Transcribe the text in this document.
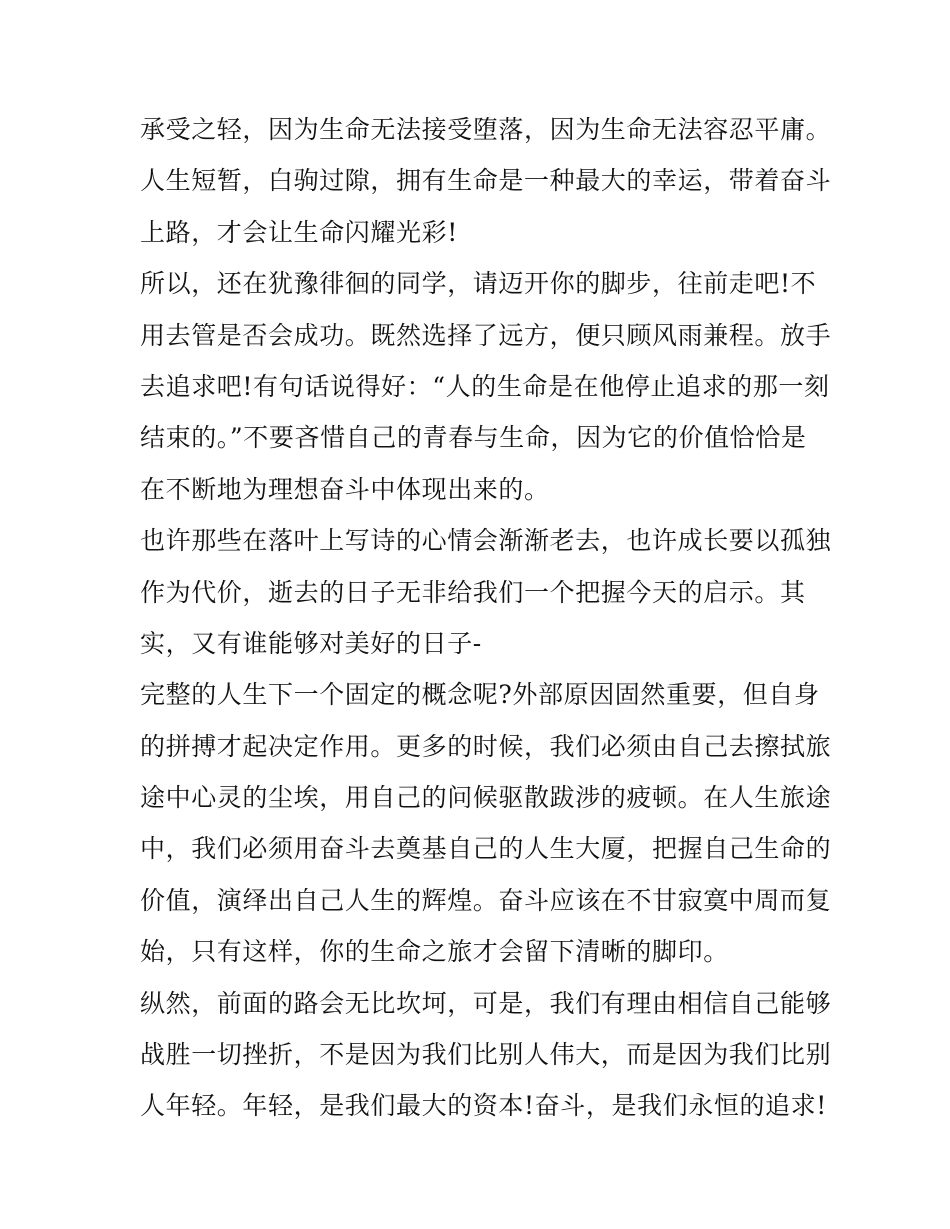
承受之轻，因为生命无法接受堕落，因为生命无法容忍平庸。
人生短暂，白驹过隙，拥有生命是一种最大的幸运，带着奋斗
上路，才会让生命闪耀光彩!
所以，还在犹豫徘徊的同学，请迈开你的脚步，往前走吧!不
用去管是否会成功。既然选择了远方，便只顾风雨兼程。放手
去追求吧!有句话说得好：“人的生命是在他停止追求的那一刻
结束的。”不要吝惜自己的青春与生命，因为它的价值恰恰是
在不断地为理想奋斗中体现出来的。
也许那些在落叶上写诗的心情会渐渐老去，也许成长要以孤独
作为代价，逝去的日子无非给我们一个把握今天的启示。其
实，又有谁能够对美好的日子-
完整的人生下一个固定的概念呢?外部原因固然重要，但自身
的拼搏才起决定作用。更多的时候，我们必须由自己去擦拭旅
途中心灵的尘埃，用自己的问候驱散跋涉的疲顿。在人生旅途
中，我们必须用奋斗去奠基自己的人生大厦，把握自己生命的
价值，演绎出自己人生的辉煌。奋斗应该在不甘寂寞中周而复
始，只有这样，你的生命之旅才会留下清晰的脚印。
纵然，前面的路会无比坎坷，可是，我们有理由相信自己能够
战胜一切挫折，不是因为我们比别人伟大，而是因为我们比别
人年轻。年轻，是我们最大的资本!奋斗，是我们永恒的追求!
